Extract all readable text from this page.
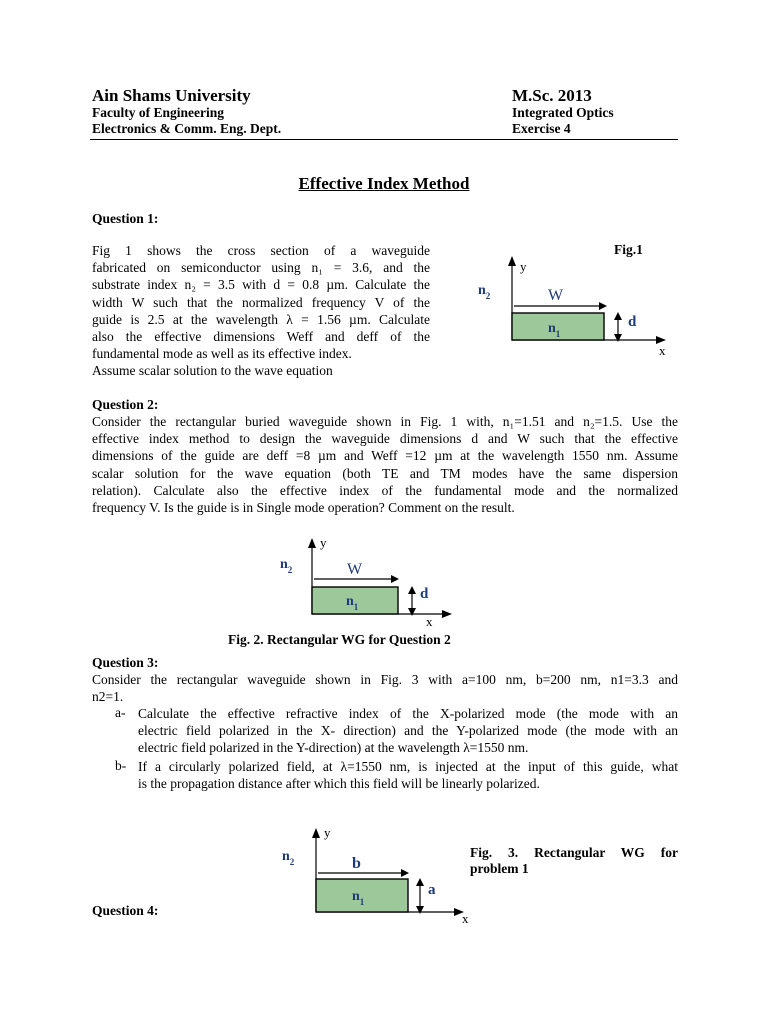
Ain Shams University
Faculty of Engineering
Electronics & Comm. Eng. Dept.
M.Sc. 2013
Integrated Optics
Exercise 4
Effective Index Method
Question 1:
Fig 1 shows the cross section of a waveguide
fabricated on semiconductor using n₁ = 3.6, and the
substrate index n₂ = 3.5 with d = 0.8 µm. Calculate the
width W such that the normalized frequency V of the
guide is 2.5 at the wavelength λ = 1.56 µm. Calculate
also the effective dimensions Weff and deff of the
fundamental mode as well as its effective index.
Assume scalar solution to the wave equation
Fig.1
y
x
$n_2$
$n_1$
W
d
Question 2:
Consider the rectangular buried waveguide shown in Fig. 1 with, n₁=1.51 and n₂=1.5. Use the
effective index method to design the waveguide dimensions d and W such that the effective
dimensions of the guide are deff =8 µm and Weff =12 µm at the wavelength 1550 nm. Assume
scalar solution for the wave equation (both TE and TM modes have the same dispersion
relation). Calculate also the effective index of the fundamental mode and the normalized
frequency V. Is the guide is in Single mode operation? Comment on the result.
y
x
$n_2$
$n_1$
W
d
Fig. 2. Rectangular WG for Question 2
Question 3:
Consider the rectangular waveguide shown in Fig. 3 with a=100 nm, b=200 nm, n1=3.3 and
n2=1.
a- Calculate the effective refractive index of the X-polarized mode (the mode with an
electric field polarized in the X- direction) and the Y-polarized mode (the mode with an
electric field polarized in the Y-direction) at the wavelength λ=1550 nm.
b- If a circularly polarized field, at λ=1550 nm, is injected at the input of this guide, what
is the propagation distance after which this field will be linearly polarized.
y
x
$n_2$
$n_1$
b
a
Fig. 3. Rectangular WG for
problem 1
Question 4:
